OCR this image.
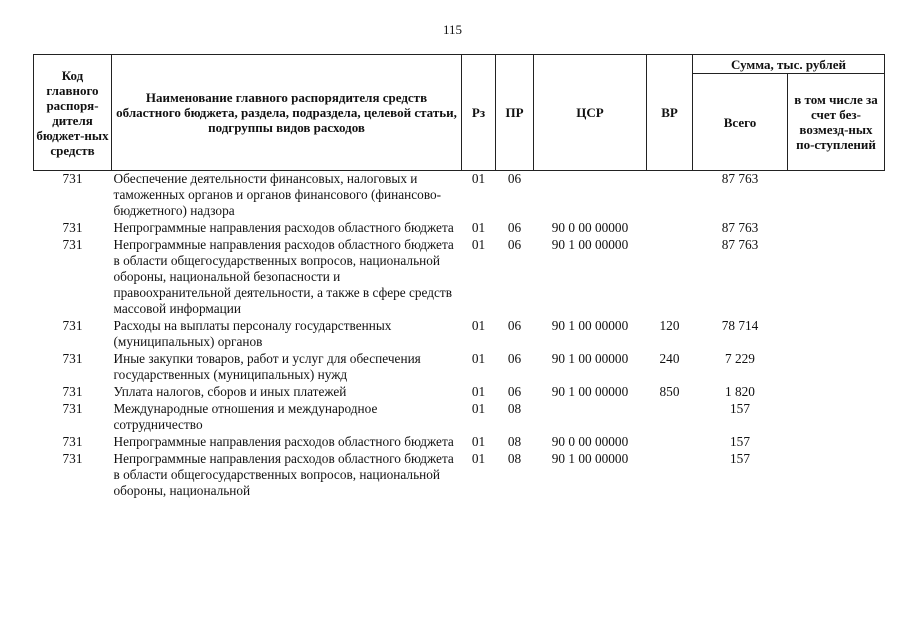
115
Код главного распоря-дителя бюджет-ных средств	Наименование главного распорядителя средств областного бюджета, раздела, подраздела, целевой статьи, подгруппы видов расходов	Рз	ПР	ЦСР	ВР	Сумма, тыс. рублей	
						Всего	в том числе за счет без-возмезд-ных по-ступлений
731	Обеспечение деятельности финансовых, налоговых и таможенных органов и органов финансового (финансово-бюджетного) надзора	01	06			87 763	
731	Непрограммные направления расходов областного бюджета	01	06	90 0 00 00000		87 763	
731	Непрограммные направления расходов областного бюджета в области общегосударственных вопросов, национальной обороны, национальной безопасности и правоохранительной деятельности, а также в сфере средств массовой информации	01	06	90 1 00 00000		87 763	
731	Расходы на выплаты персоналу государственных (муниципальных) органов	01	06	90 1 00 00000	120	78 714	
731	Иные закупки товаров, работ и услуг для обеспечения государственных (муниципальных) нужд	01	06	90 1 00 00000	240	7 229	
731	Уплата налогов, сборов и иных платежей	01	06	90 1 00 00000	850	1 820	
731	Международные отношения и международное сотрудничество	01	08			157	
731	Непрограммные направления расходов областного бюджета	01	08	90 0 00 00000		157	
731	Непрограммные направления расходов областного бюджета в области общегосударственных вопросов, национальной обороны, национальной	01	08	90 1 00 00000		157	
